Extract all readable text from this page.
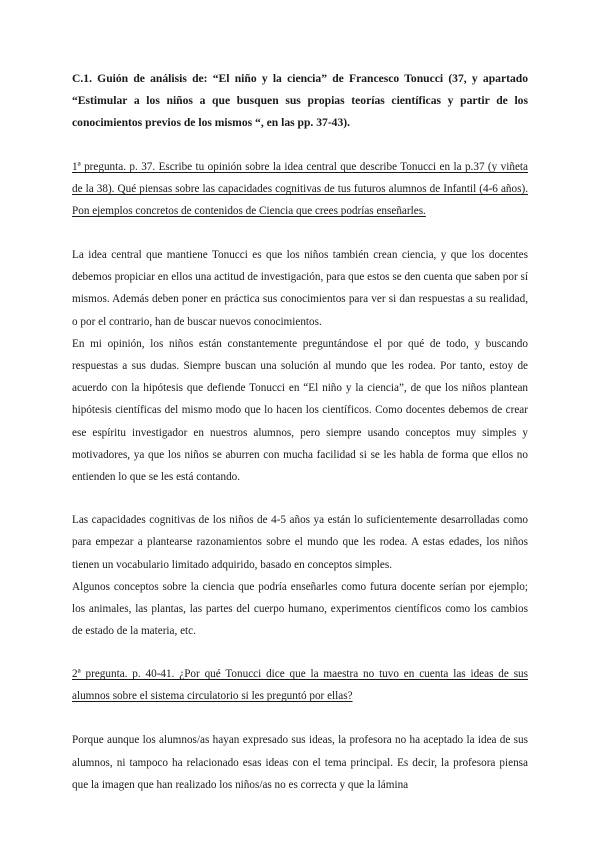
C.1. Guión de análisis de: “El niño y la ciencia” de Francesco Tonucci (37, y apartado “Estimular a los niños a que busquen sus propias teorías científicas y partir de los conocimientos previos de los mismos “, en las pp. 37-43).

1ª pregunta. p. 37. Escribe tu opinión sobre la idea central que describe Tonucci en la p.37 (y viñeta de la 38). Qué piensas sobre las capacidades cognitivas de tus futuros alumnos de Infantil (4-6 años). Pon ejemplos concretos de contenidos de Ciencia que crees podrías enseñarles.

La idea central que mantiene Tonucci es que los niños también crean ciencia, y que los docentes debemos propiciar en ellos una actitud de investigación, para que estos se den cuenta que saben por sí mismos. Además deben poner en práctica sus conocimientos para ver si dan respuestas a su realidad, o por el contrario, han de buscar nuevos conocimientos.

En mi opinión, los niños están constantemente preguntándose el por qué de todo, y buscando respuestas a sus dudas. Siempre buscan una solución al mundo que les rodea. Por tanto, estoy de acuerdo con la hipótesis que defiende Tonucci en “El niño y la ciencia”, de que los niños plantean hipótesis científicas del mismo modo que lo hacen los científicos. Como docentes debemos de crear ese espíritu investigador en nuestros alumnos, pero siempre usando conceptos muy simples y motivadores, ya que los niños se aburren con mucha facilidad si se les habla de forma que ellos no entienden lo que se les está contando.

Las capacidades cognitivas de los niños de 4-5 años ya están lo suficientemente desarrolladas como para empezar a plantearse razonamientos sobre el mundo que les rodea. A estas edades, los niños tienen un vocabulario limitado adquirido, basado en conceptos simples.

Algunos conceptos sobre la ciencia que podría enseñarles como futura docente serían por ejemplo; los animales, las plantas, las partes del cuerpo humano, experimentos científicos como los cambios de estado de la materia, etc.

2ª pregunta. p. 40-41. ¿Por qué Tonucci dice que la maestra no tuvo en cuenta las ideas de sus alumnos sobre el sistema circulatorio si les preguntó por ellas?

Porque aunque los alumnos/as hayan expresado sus ideas, la profesora no ha aceptado la idea de sus alumnos, ni tampoco ha relacionado esas ideas con el tema principal. Es decir, la profesora piensa que la imagen que han realizado los niños/as no es correcta y que la lámina
